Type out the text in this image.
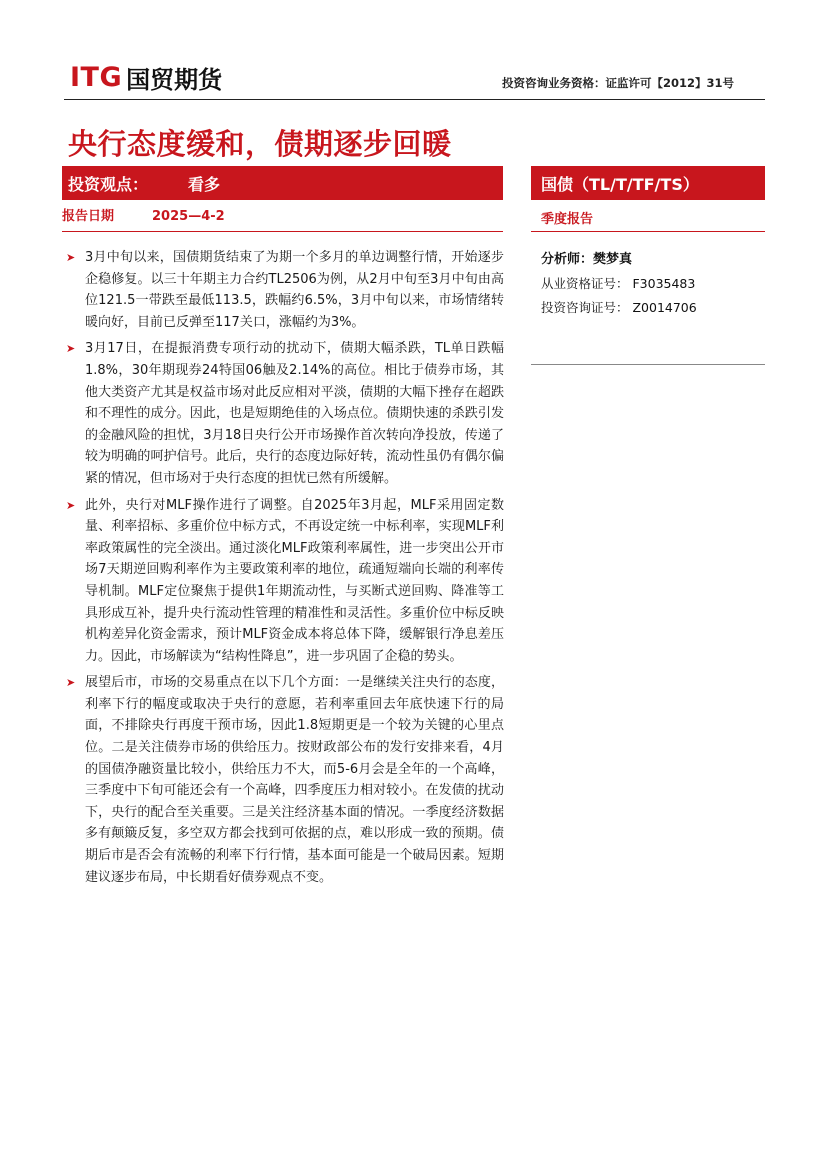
ITG 国贸期货	投资咨询业务资格：证监许可【2012】31号
央行态度缓和，债期逐步回暖
投资观点：	看多	国债（TL/T/TF/TS）
报告日期	2025—4-2	季度报告
分析师：樊梦真
从业资格证号： F3035483
投资咨询证号： Z0014706
➤ 3月中旬以来，国债期货结束了为期一个多月的单边调整行情，开始逐步企稳修复。以三十年期主力合约TL2506为例，从2月中旬至3月中旬由高位121.5一带跌至最低113.5，跌幅约6.5%，3月中旬以来，市场情绪转暖向好，目前已反弹至117关口，涨幅约为3%。
➤ 3月17日，在提振消费专项行动的扰动下，债期大幅杀跌，TL单日跌幅1.8%，30年期现券24特国06触及2.14%的高位。相比于债券市场，其他大类资产尤其是权益市场对此反应相对平淡，债期的大幅下挫存在超跌和不理性的成分。因此，也是短期绝佳的入场点位。债期快速的杀跌引发的金融风险的担忧，3月18日央行公开市场操作首次转向净投放，传递了较为明确的呵护信号。此后，央行的态度边际好转，流动性虽仍有偶尔偏紧的情况，但市场对于央行态度的担忧已然有所缓解。
➤ 此外，央行对MLF操作进行了调整。自2025年3月起，MLF采用固定数量、利率招标、多重价位中标方式，不再设定统一中标利率，实现MLF利率政策属性的完全淡出。通过淡化MLF政策利率属性，进一步突出公开市场7天期逆回购利率作为主要政策利率的地位，疏通短端向长端的利率传导机制。MLF定位聚焦于提供1年期流动性，与买断式逆回购、降准等工具形成互补，提升央行流动性管理的精准性和灵活性。多重价位中标反映机构差异化资金需求，预计MLF资金成本将总体下降，缓解银行净息差压力。因此，市场解读为“结构性降息”，进一步巩固了企稳的势头。
➤ 展望后市，市场的交易重点在以下几个方面：一是继续关注央行的态度，利率下行的幅度或取决于央行的意愿，若利率重回去年底快速下行的局面，不排除央行再度干预市场，因此1.8短期更是一个较为关键的心里点位。二是关注债券市场的供给压力。按财政部公布的发行安排来看，4月的国债净融资量比较小，供给压力不大，而5-6月会是全年的一个高峰，三季度中下旬可能还会有一个高峰，四季度压力相对较小。在发债的扰动下，央行的配合至关重要。三是关注经济基本面的情况。一季度经济数据多有颠簸反复，多空双方都会找到可依据的点，难以形成一致的预期。债期后市是否会有流畅的利率下行行情，基本面可能是一个破局因素。短期建议逐步布局，中长期看好债券观点不变。
